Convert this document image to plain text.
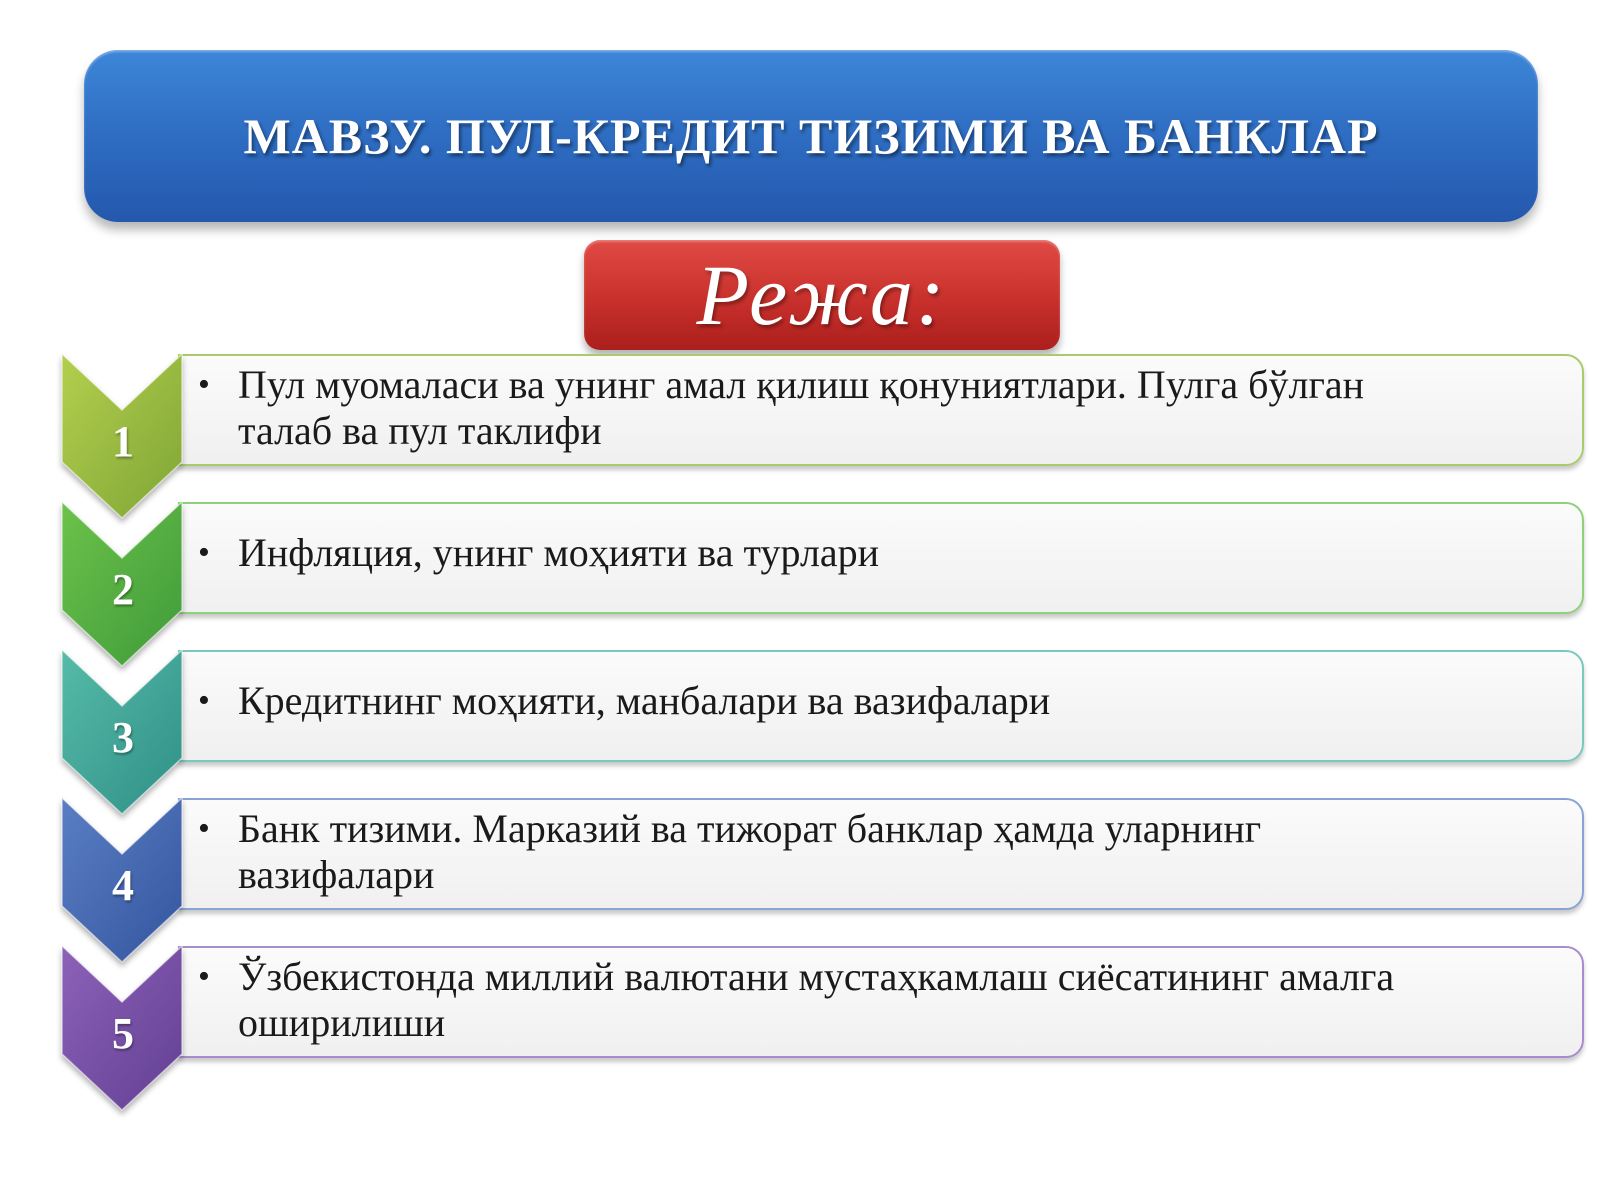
МАВЗУ. ПУЛ-КРЕДИТ ТИЗИМИ ВА БАНКЛАР
Режа:
1
• Пул муомаласи ва унинг амал қилиш қонуниятлари. Пулга бўлган талаб ва пул таклифи
2
• Инфляция, унинг моҳияти ва турлари
3
• Кредитнинг моҳияти, манбалари ва вазифалари
4
• Банк тизими. Марказий ва тижорат банклар ҳамда уларнинг вазифалари
5
• Ўзбекистонда миллий валютани мустаҳкамлаш сиёсатининг амалга оширилиши
